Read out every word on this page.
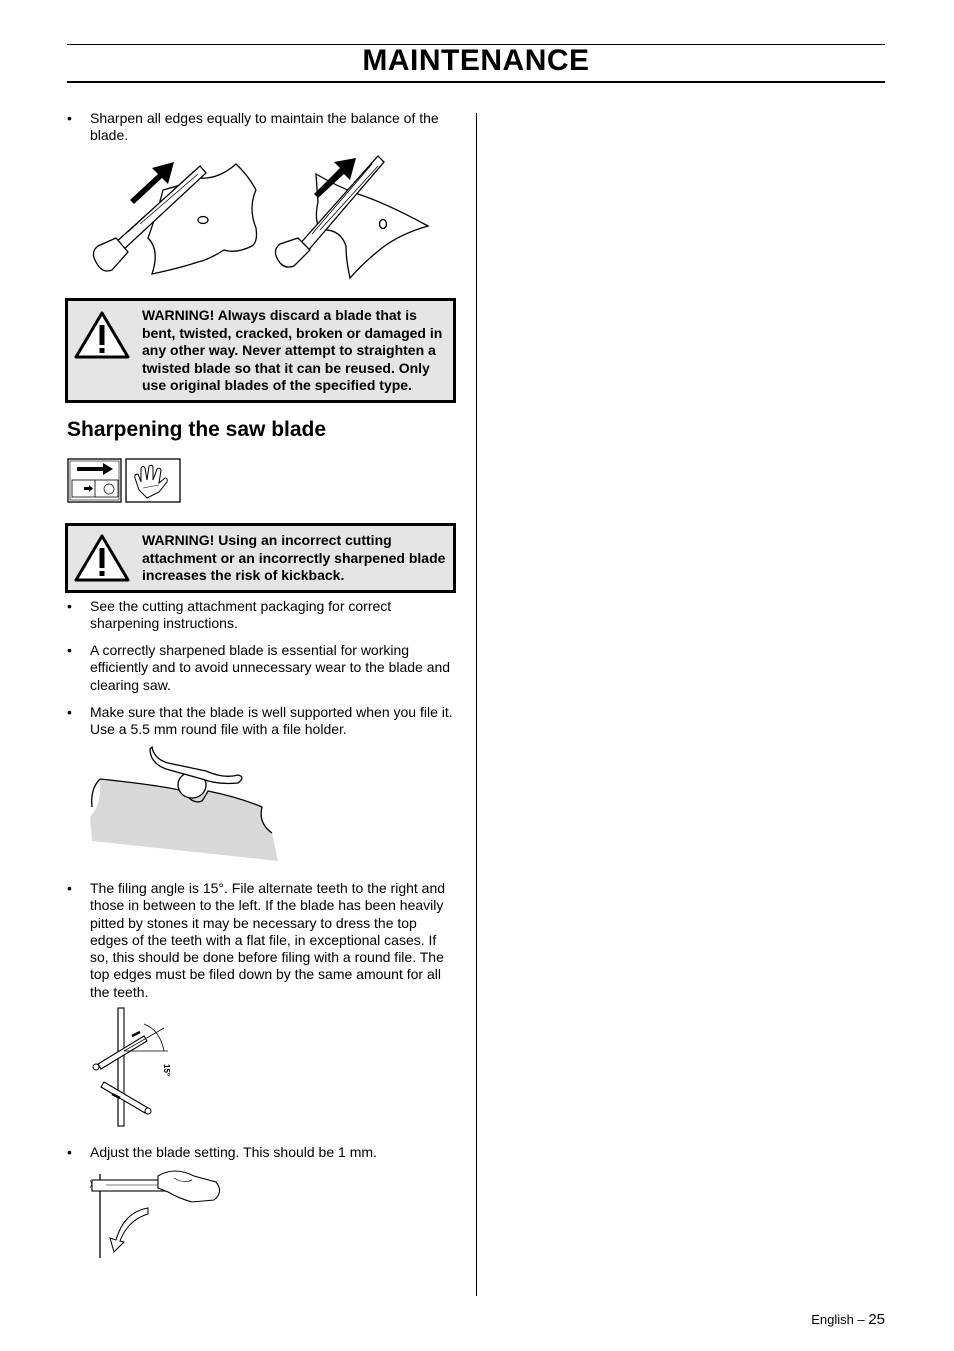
MAINTENANCE
• Sharpen all edges equally to maintain the balance of the blade.
WARNING! Always discard a blade that is bent, twisted, cracked, broken or damaged in any other way. Never attempt to straighten a twisted blade so that it can be reused. Only use original blades of the specified type.
Sharpening the saw blade
WARNING! Using an incorrect cutting attachment or an incorrectly sharpened blade increases the risk of kickback.
• See the cutting attachment packaging for correct sharpening instructions.
• A correctly sharpened blade is essential for working efficiently and to avoid unnecessary wear to the blade and clearing saw.
• Make sure that the blade is well supported when you file it. Use a 5.5 mm round file with a file holder.
• The filing angle is 15°. File alternate teeth to the right and those in between to the left. If the blade has been heavily pitted by stones it may be necessary to dress the top edges of the teeth with a flat file, in exceptional cases. If so, this should be done before filing with a round file. The top edges must be filed down by the same amount for all the teeth.
15°
• Adjust the blade setting. This should be 1 mm.
English – 25
